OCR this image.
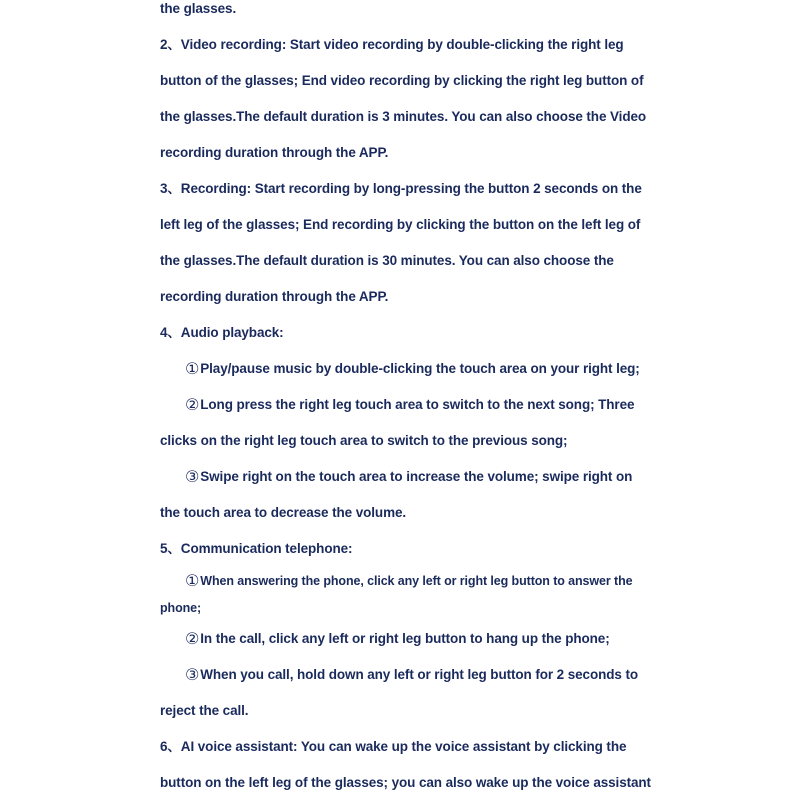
the glasses.
2、Video recording: Start video recording by double-clicking the right leg
button of the glasses; End video recording by clicking the right leg button of
the glasses.The default duration is 3 minutes. You can also choose the Video
recording duration through the APP.
3、Recording: Start recording by long-pressing the button 2 seconds on the
left leg of the glasses; End recording by clicking the button on the left leg of
the glasses.The default duration is 30 minutes. You can also choose the
recording duration through the APP.
4、Audio playback:
①Play/pause music by double-clicking the touch area on your right leg;
②Long press the right leg touch area to switch to the next song; Three
clicks on the right leg touch area to switch to the previous song;
③Swipe right on the touch area to increase the volume; swipe right on
the touch area to decrease the volume.
5、Communication telephone:
①When answering the phone, click any left or right leg button to answer the
phone;
②In the call, click any left or right leg button to hang up the phone;
③When you call, hold down any left or right leg button for 2 seconds to
reject the call.
6、AI voice assistant: You can wake up the voice assistant by clicking the
button on the left leg of the glasses; you can also wake up the voice assistant
